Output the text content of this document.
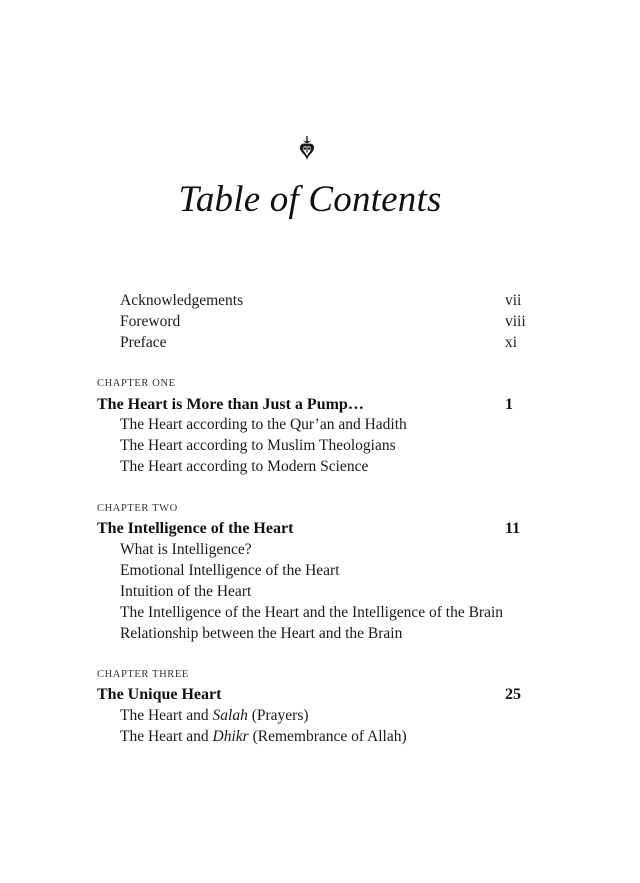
Table of Contents
Acknowledgements	vii
Foreword	viii
Preface	xi
CHAPTER ONE
The Heart is More than Just a Pump…	1
The Heart according to the Qur’an and Hadith
The Heart according to Muslim Theologians
The Heart according to Modern Science
CHAPTER TWO
The Intelligence of the Heart	11
What is Intelligence?
Emotional Intelligence of the Heart
Intuition of the Heart
The Intelligence of the Heart and the Intelligence of the Brain
Relationship between the Heart and the Brain
CHAPTER THREE
The Unique Heart	25
The Heart and Salah (Prayers)
The Heart and Dhikr (Remembrance of Allah)
